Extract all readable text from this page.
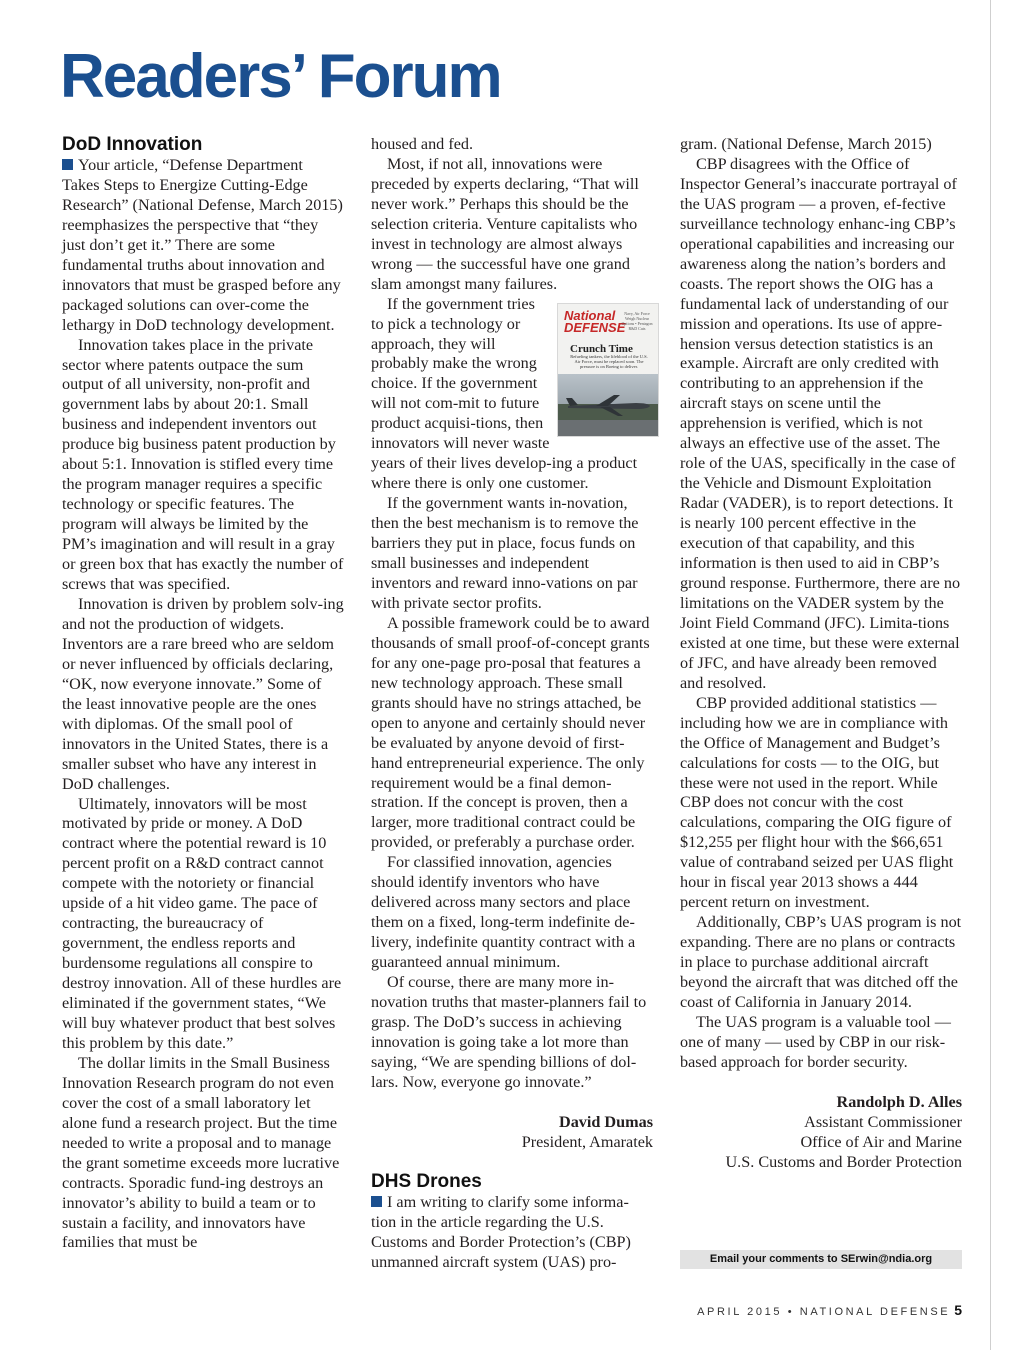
Readers’ Forum
DoD Innovation

Your article, “Defense Department Takes Steps to Energize Cutting-Edge Research” (National Defense, March 2015) reemphasizes the perspective that “they just don’t get it.” There are some fundamental truths about innovation and innovators that must be grasped before any packaged solutions can over-come the lethargy in DoD technology development.

Innovation takes place in the private sector where patents outpace the sum output of all university, non-profit and government labs by about 20:1. Small business and independent inventors out produce big business patent production by about 5:1. Innovation is stifled every time the program manager requires a specific technology or specific features. The program will always be limited by the PM’s imagination and will result in a gray or green box that has exactly the number of screws that was specified.

Innovation is driven by problem solv-ing and not the production of widgets. Inventors are a rare breed who are seldom or never influenced by officials declaring, “OK, now everyone innovate.” Some of the least innovative people are the ones with diplomas. Of the small pool of innovators in the United States, there is a smaller subset who have any interest in DoD challenges.

Ultimately, innovators will be most motivated by pride or money. A DoD contract where the potential reward is 10 percent profit on a R&D contract cannot compete with the notoriety or financial upside of a hit video game. The pace of contracting, the bureaucracy of government, the endless reports and burdensome regulations all conspire to destroy innovation. All of these hurdles are eliminated if the government states, “We will buy whatever product that best solves this problem by this date.”

The dollar limits in the Small Business Innovation Research program do not even cover the cost of a small laboratory let alone fund a research project. But the time needed to write a proposal and to manage the grant sometime exceeds more lucrative contracts. Sporadic fund-ing destroys an innovator’s ability to build a team or to sustain a facility, and innovators have families that must be

housed and fed.

Most, if not all, innovations were preceded by experts declaring, “That will never work.” Perhaps this should be the selection criteria. Venture capitalists who invest in technology are almost always wrong — the successful have one grand slam amongst many failures.

National DEFENSE
Navy, Air Force Weigh Nuclear Options • Pentagon R&D Cuts
Crunch Time
Refueling tankers, the lifeblood of the U.S. Air Force, must be replaced soon. The pressure is on Boeing to deliver.

If the government tries to pick a technology or approach, they will probably make the wrong choice. If the government will not com-mit to future product acquisi-tions, then innovators will never waste years of their lives develop-ing a product where there is only one customer.

If the government wants in-novation, then the best mechanism is to remove the barriers they put in place, focus funds on small businesses and independent inventors and reward inno-vations on par with private sector profits.

A possible framework could be to award thousands of small proof-of-concept grants for any one-page pro-posal that features a new technology approach. These small grants should have no strings attached, be open to anyone and certainly should never be evaluated by anyone devoid of first-hand entrepreneurial experience. The only requirement would be a final demon-stration. If the concept is proven, then a larger, more traditional contract could be provided, or preferably a purchase order.

For classified innovation, agencies should identify inventors who have delivered across many sectors and place them on a fixed, long-term indefinite de-livery, indefinite quantity contract with a guaranteed annual minimum.

Of course, there are many more in-novation truths that master-planners fail to grasp. The DoD’s success in achieving innovation is going take a lot more than saying, “We are spending billions of dol-lars. Now, everyone go innovate.”

David Dumas
President, Amaratek
DHS Drones

I am writing to clarify some informa-tion in the article regarding the U.S. Customs and Border Protection’s (CBP) unmanned aircraft system (UAS) pro-

gram. (National Defense, March 2015)

CBP disagrees with the Office of Inspector General’s inaccurate portrayal of the UAS program — a proven, ef-fective surveillance technology enhanc-ing CBP’s operational capabilities and increasing our awareness along the nation’s borders and coasts. The report shows the OIG has a fundamental lack of understanding of our mission and operations. Its use of appre-hension versus detection statistics is an example. Aircraft are only credited with contributing to an apprehension if the aircraft stays on scene until the apprehension is verified, which is not always an effective use of the asset. The role of the UAS, specifically in the case of the Vehicle and Dismount Exploitation Radar (VADER), is to report detections. It is nearly 100 percent effective in the execution of that capability, and this information is then used to aid in CBP’s ground response. Furthermore, there are no limitations on the VADER system by the Joint Field Command (JFC). Limita-tions existed at one time, but these were external of JFC, and have already been removed and resolved.

CBP provided additional statistics — including how we are in compliance with the Office of Management and Budget’s calculations for costs — to the OIG, but these were not used in the report. While CBP does not concur with the cost calculations, comparing the OIG figure of $12,255 per flight hour with the $66,651 value of contraband seized per UAS flight hour in fiscal year 2013 shows a 444 percent return on investment.

Additionally, CBP’s UAS program is not expanding. There are no plans or contracts in place to purchase additional aircraft beyond the aircraft that was ditched off the coast of California in January 2014.

The UAS program is a valuable tool — one of many — used by CBP in our risk-based approach for border security.

Randolph D. Alles
Assistant Commissioner
Office of Air and Marine
U.S. Customs and Border Protection
Email your comments to SErwin@ndia.org
APRIL 2015 • NATIONAL DEFENSE 5
